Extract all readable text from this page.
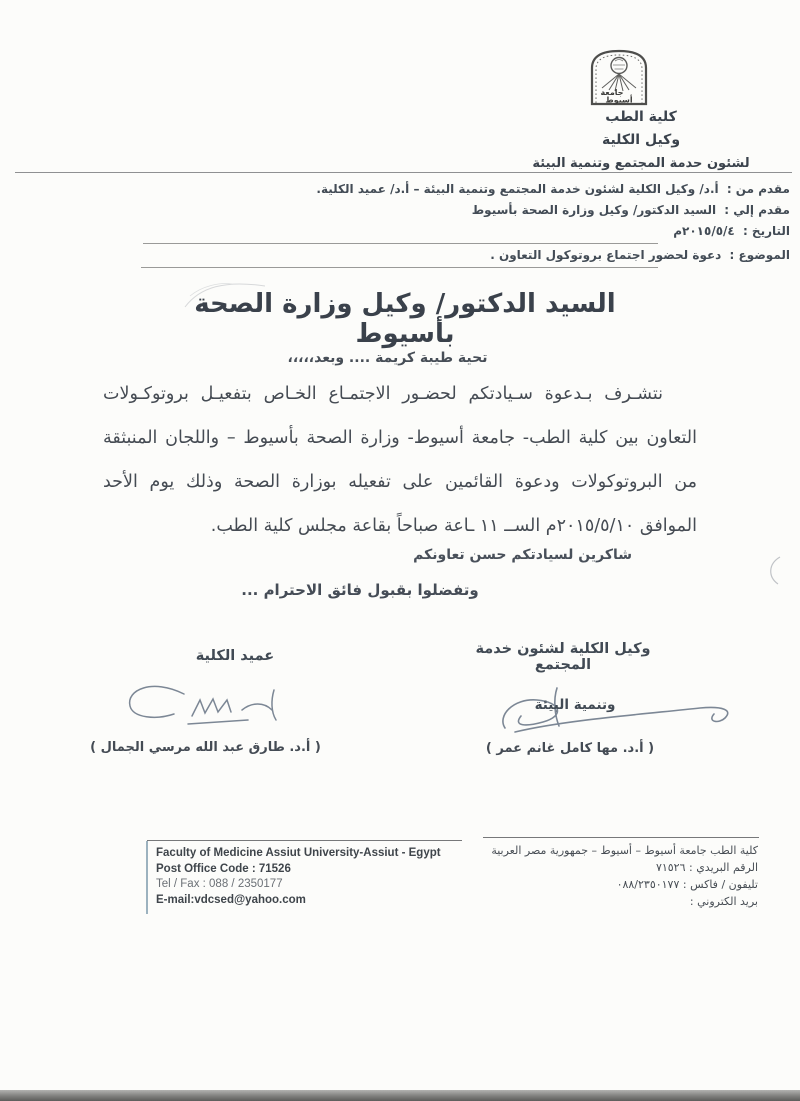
جامعة
أسيوط
كلية الطب
وكيل الكلية
لشئون حدمة المجتمع وتنمية البيئة
مقدم من : أ.د/ وكيل الكلية لشئون خدمة المجتمع وتنمية البيئة – أ.د/ عميد الكلية.
مقدم إلي : السيد الدكتور/ وكيل وزارة الصحة بأسيوط
التاريخ : ٢٠١٥/٥/٤م
الموضوع : دعوة لحضور اجتماع بروتوكول التعاون .
السيد الدكتور/ وكيل وزارة الصحة بأسيوط
تحية طيبة كريمة .... وبعد،،،،،
نتشـرف بـدعوة سـيادتكم لحضـور الاجتمـاع الخـاص بتفعيـل بروتوكـولات
التعاون بين كلية الطب- جامعة أسيوط- وزارة الصحة بأسيوط – واللجان المنبثقة
من البروتوكولات ودعوة القائمين على تفعيله بوزارة الصحة وذلك يوم الأحد
الموافق ٢٠١٥/٥/١٠م الســ ١١ ـاعة صباحاً بقاعة مجلس كلية الطب.
شاكرين لسيادتكم حسن تعاونكم
وتفضلوا بقبول فائق الاحترام ...
وكيل الكلية لشئون خدمة المجتمع
وتنمية البيئة
( أ.د. مها كامل غانم عمر )
عميد الكلية
( أ.د. طارق عبد الله مرسي الجمال )
Faculty of Medicine Assiut University-Assiut - Egypt
Post Office Code : 71526
Tel / Fax : 088 / 2350177
E-mail:vdcsed@yahoo.com
كلية الطب جامعة أسيوط – أسيوط – جمهورية مصر العربية
الرقم البريدي : ٧١٥٢٦
تليفون / فاكس : ٠٨٨/٢٣٥٠١٧٧
بريد الكتروني :
